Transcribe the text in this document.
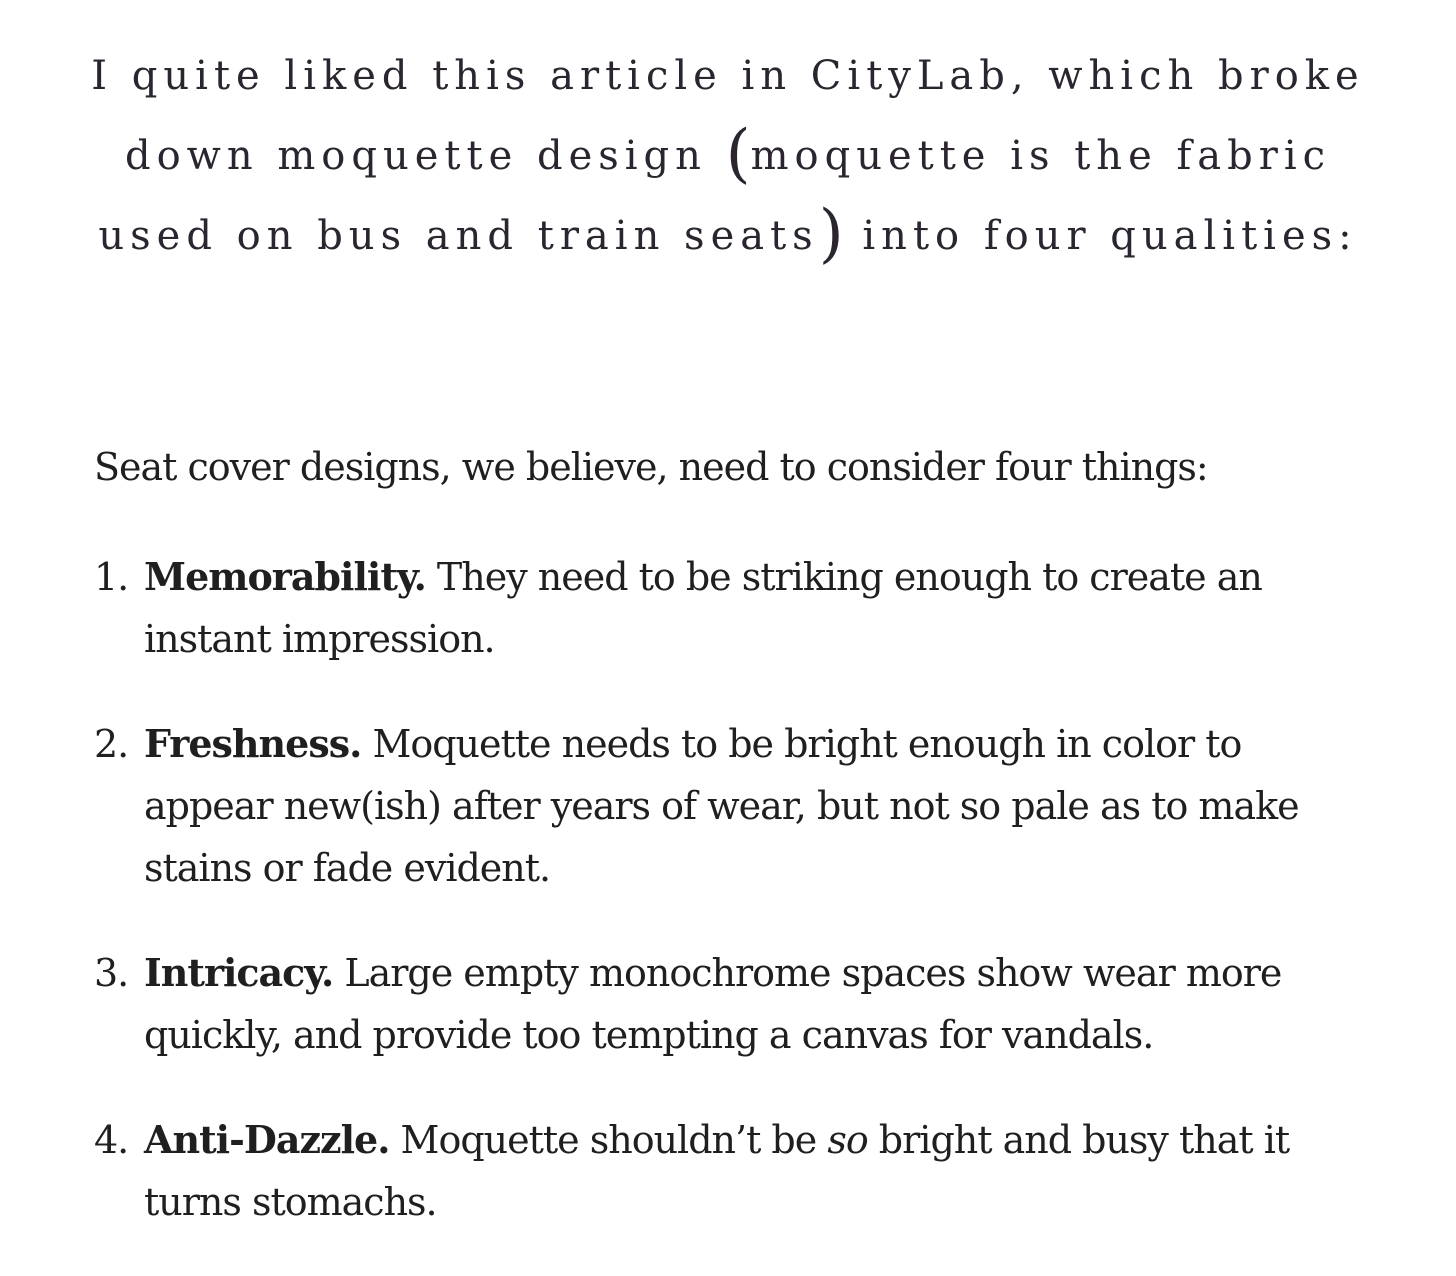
I quite liked this article in CityLab, which broke
down moquette design (moquette is the fabric
used on bus and train seats) into four qualities:

Seat cover designs, we believe, need to consider four things:

1. Memorability. They need to be striking enough to create an
instant impression.
2. Freshness. Moquette needs to be bright enough in color to
appear new(ish) after years of wear, but not so pale as to make
stains or fade evident.
3. Intricacy. Large empty monochrome spaces show wear more
quickly, and provide too tempting a canvas for vandals.
4. Anti-Dazzle. Moquette shouldn’t be so bright and busy that it
turns stomachs.
